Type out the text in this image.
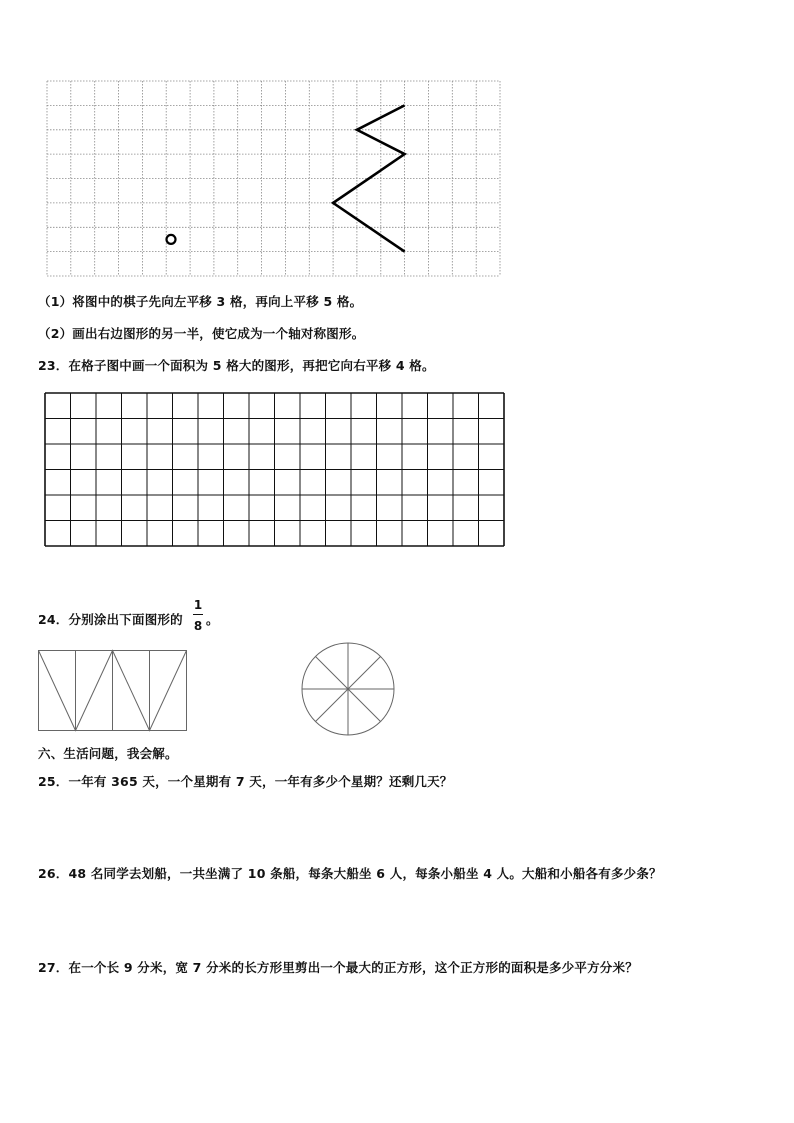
（1）将图中的棋子先向左平移 3 格，再向上平移 5 格。
（2）画出右边图形的另一半，使它成为一个轴对称图形。
23．在格子图中画一个面积为 5 格大的图形，再把它向右平移 4 格。
24．分别涂出下面图形的
1
8 。
六、生活问题，我会解。
25．一年有 365 天，一个星期有 7 天，一年有多少个星期？还剩几天？
26．48 名同学去划船，一共坐满了 10 条船，每条大船坐 6 人，每条小船坐 4 人。大船和小船各有多少条？
27．在一个长 9 分米，宽 7 分米的长方形里剪出一个最大的正方形，这个正方形的面积是多少平方分米？
